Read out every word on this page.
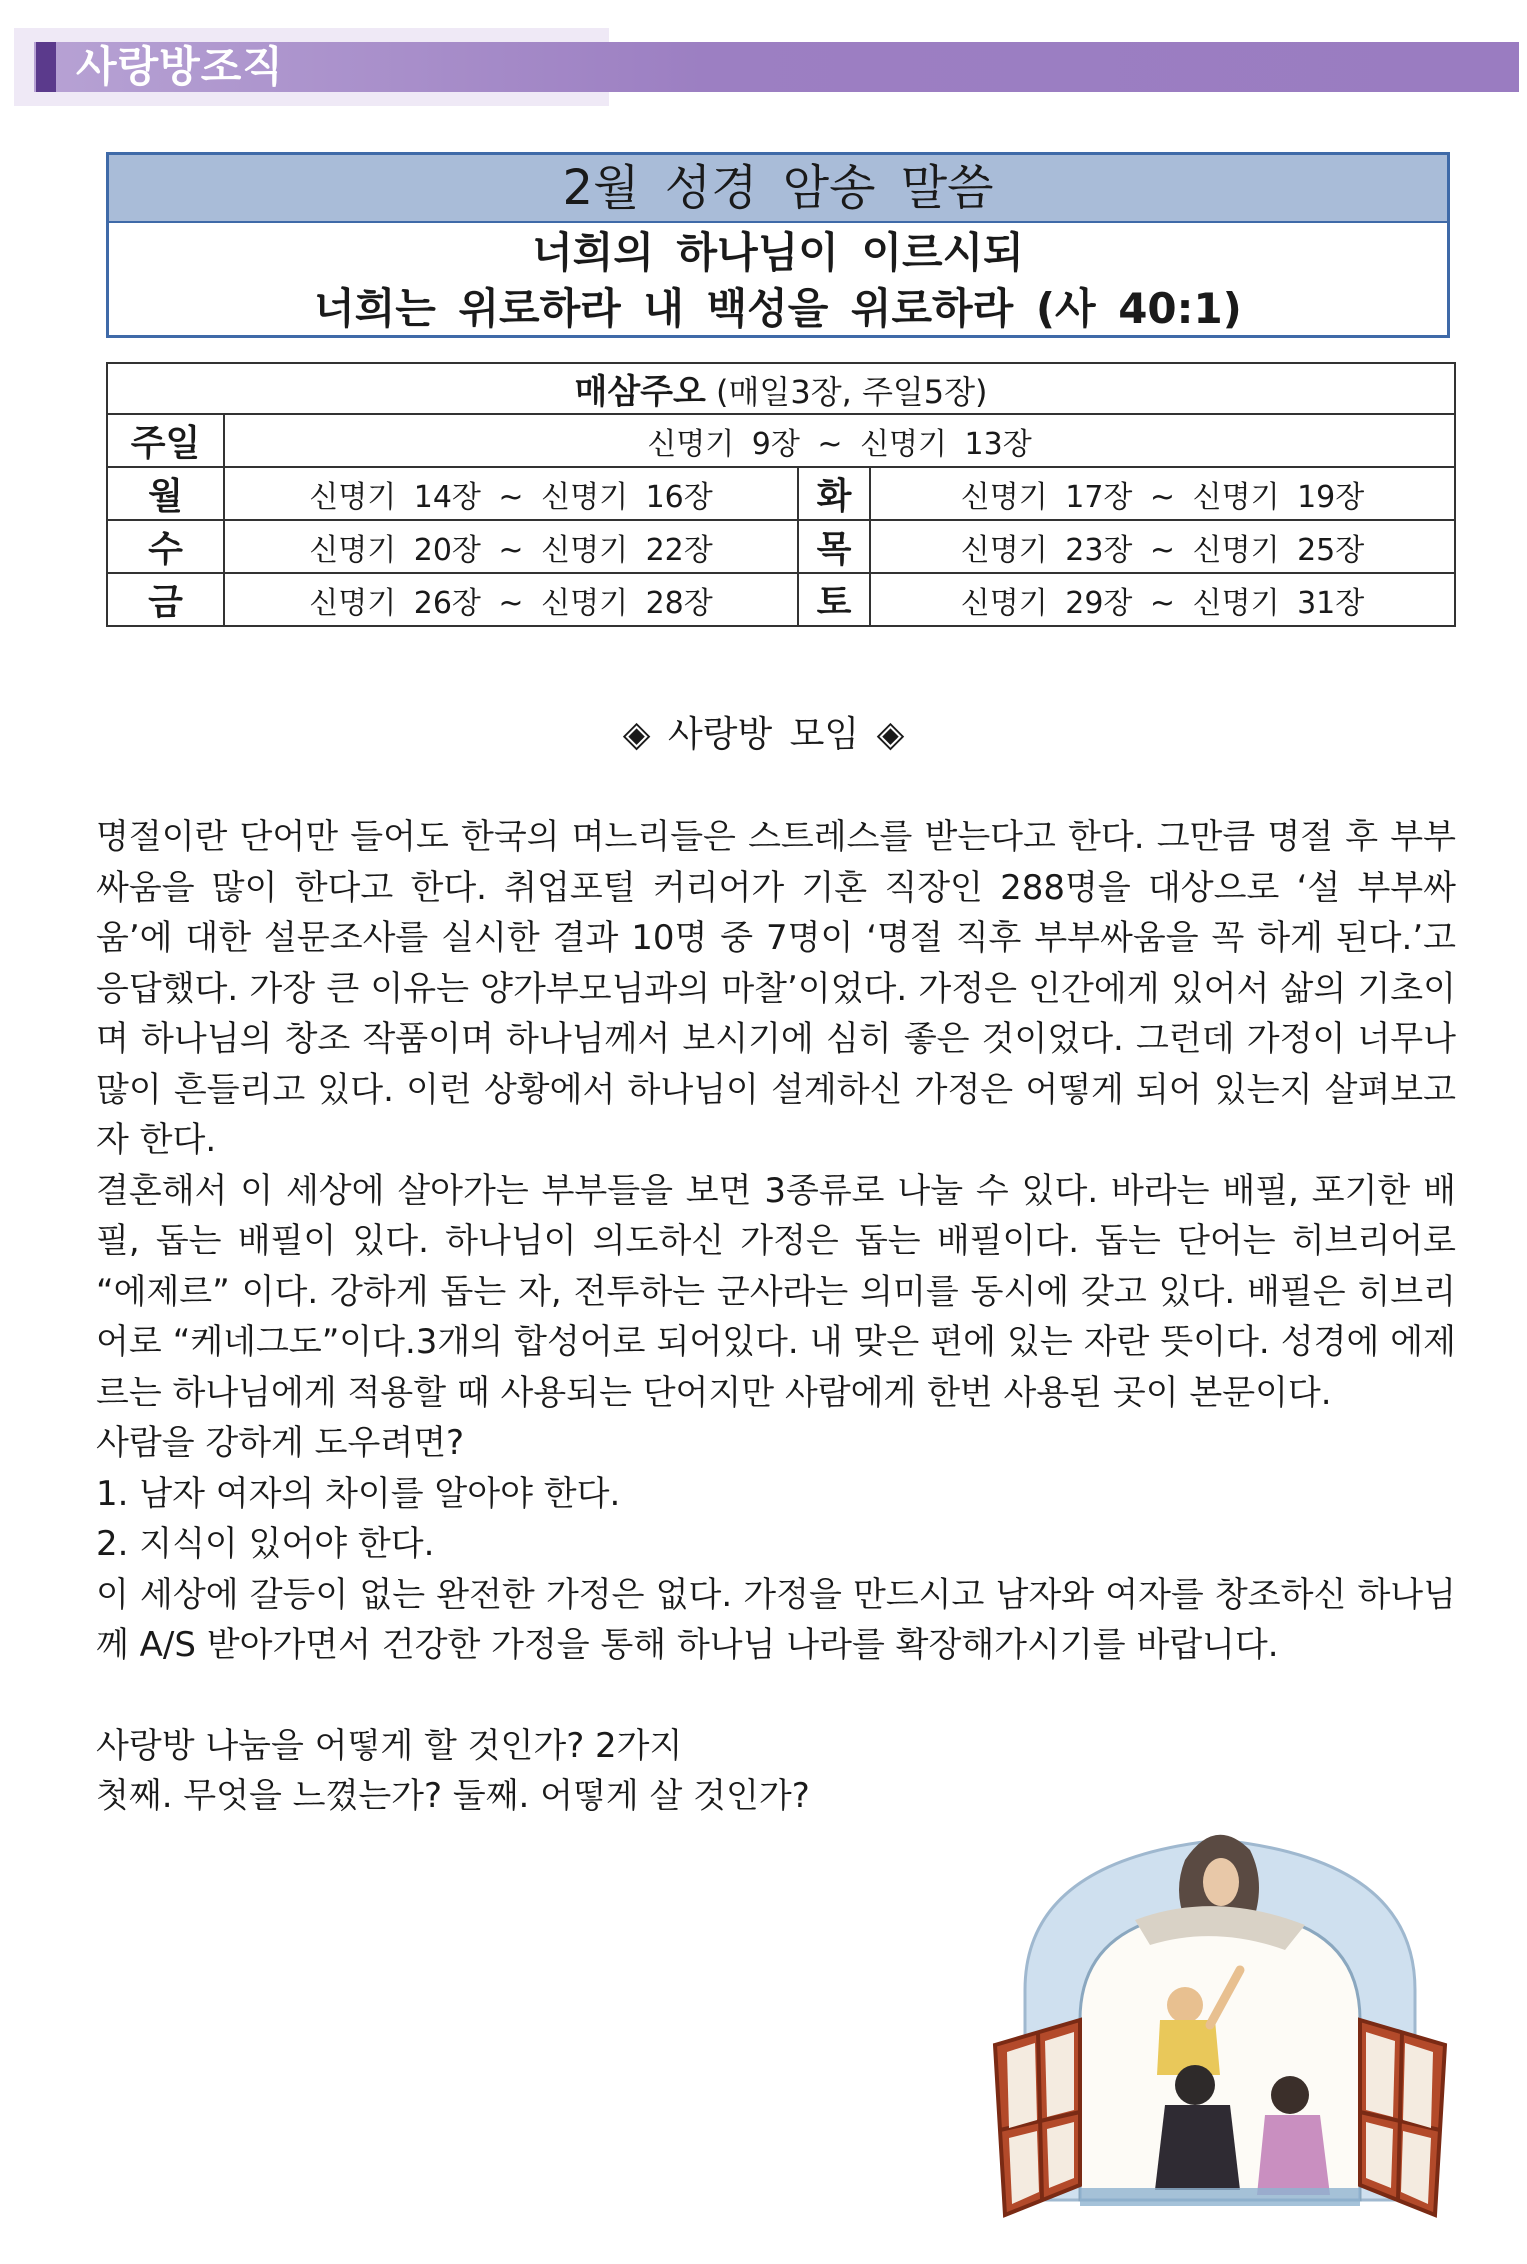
사랑방조직
2월 성경 암송 말씀
너희의 하나님이 이르시되
너희는 위로하라 내 백성을 위로하라 (사 40:1)
매삼주오 (매일3장, 주일5장)			
주일	신명기 9장 ~ 신명기 13장		
월	신명기 14장 ~ 신명기 16장	화	신명기 17장 ~ 신명기 19장
수	신명기 20장 ~ 신명기 22장	목	신명기 23장 ~ 신명기 25장
금	신명기 26장 ~ 신명기 28장	토	신명기 29장 ~ 신명기 31장
◈ 사랑방 모임 ◈

명절이란 단어만 들어도 한국의 며느리들은 스트레스를 받는다고 한다. 그만큼 명절 후 부부싸움을 많이 한다고 한다. 취업포털 커리어가 기혼 직장인 288명을 대상으로 ‘설 부부싸움’에 대한 설문조사를 실시한 결과 10명 중 7명이 ‘명절 직후 부부싸움을 꼭 하게 된다.’고 응답했다. 가장 큰 이유는 양가부모님과의 마찰’이었다. 가정은 인간에게 있어서 삶의 기초이며 하나님의 창조 작품이며 하나님께서 보시기에 심히 좋은 것이었다. 그런데 가정이 너무나 많이 흔들리고 있다. 이런 상황에서 하나님이 설계하신 가정은 어떻게 되어 있는지 살펴보고자 한다.

결혼해서 이 세상에 살아가는 부부들을 보면 3종류로 나눌 수 있다. 바라는 배필, 포기한 배필, 돕는 배필이 있다. 하나님이 의도하신 가정은 돕는 배필이다. 돕는 단어는 히브리어로 “에제르” 이다. 강하게 돕는 자, 전투하는 군사라는 의미를 동시에 갖고 있다. 배필은 히브리어로 “케네그도”이다.3개의 합성어로 되어있다. 내 맞은 편에 있는 자란 뜻이다. 성경에 에제르는 하나님에게 적용할 때 사용되는 단어지만 사람에게 한번 사용된 곳이 본문이다.

사람을 강하게 도우려면?

1. 남자 여자의 차이를 알아야 한다.

2. 지식이 있어야 한다.

이 세상에 갈등이 없는 완전한 가정은 없다. 가정을 만드시고 남자와 여자를 창조하신 하나님께 A/S 받아가면서 건강한 가정을 통해 하나님 나라를 확장해가시기를 바랍니다.

사랑방 나눔을 어떻게 할 것인가? 2가지

첫째. 무엇을 느꼈는가? 둘째. 어떻게 살 것인가?
